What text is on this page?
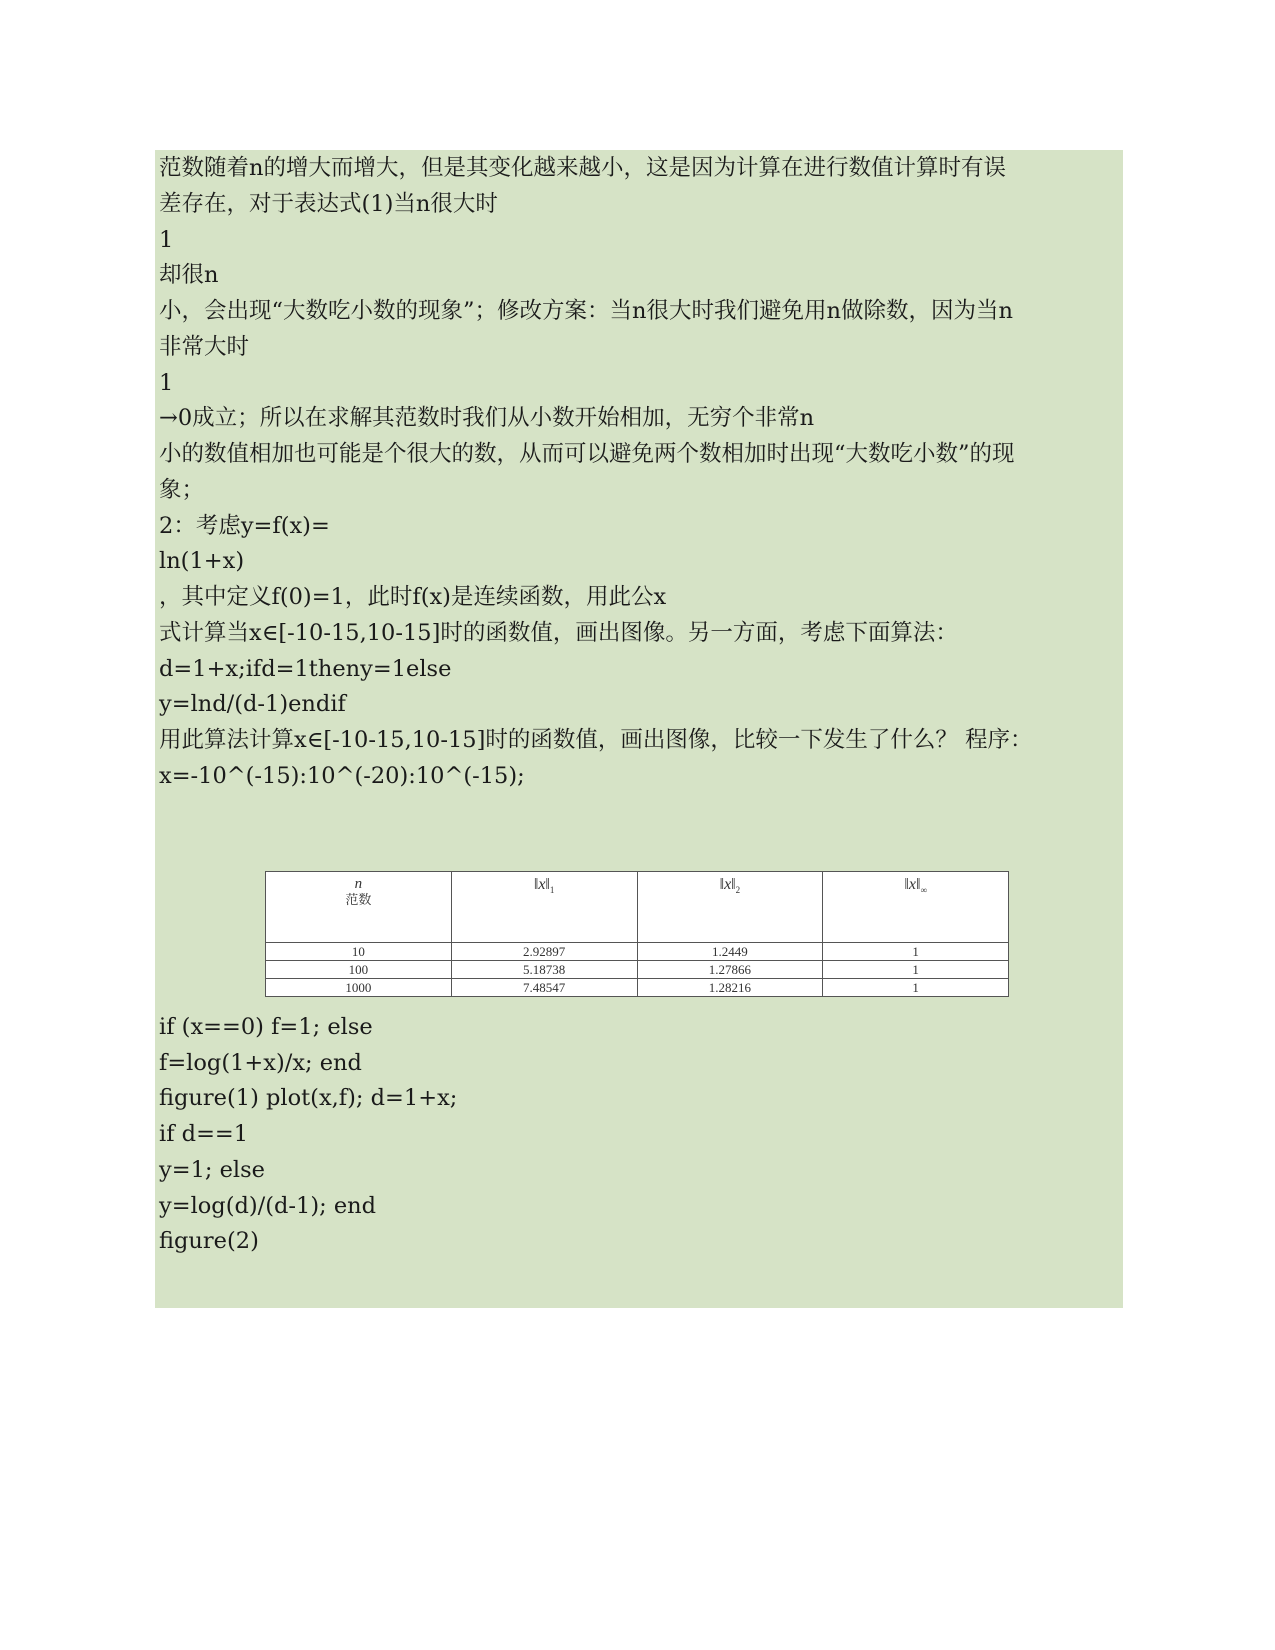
范数随着n的增大而增大，但是其变化越来越小，这是因为计算在进行数值计算时有误
差存在，对于表达式(1)当n很大时
1
却很n
小，会出现“大数吃小数的现象”；修改方案：当n很大时我们避免用n做除数，因为当n
非常大时
1
→0成立；所以在求解其范数时我们从小数开始相加，无穷个非常n
小的数值相加也可能是个很大的数，从而可以避免两个数相加时出现“大数吃小数”的现
象；
2：考虑y=f(x)=
ln(1+x)
，其中定义f(0)=1，此时f(x)是连续函数，用此公x
式计算当x∈[-10-15,10-15]时的函数值，画出图像。另一方面，考虑下面算法：
d=1+x;ifd=1theny=1else
y=lnd/(d-1)endif
用此算法计算x∈[-10-15,10-15]时的函数值，画出图像，比较一下发生了什么？ 程序：
x=-10^(-15):10^(-20):10^(-15);
n
范数	$‖x‖_1$	$‖x‖_2$	$‖x‖_\infty$
10	2.92897	1.2449	1
100	5.18738	1.27866	1
1000	7.48547	1.28216	1
if (x==0) f=1; else
f=log(1+x)/x; end
figure(1) plot(x,f); d=1+x;
if d==1
y=1; else
y=log(d)/(d-1); end
figure(2)
